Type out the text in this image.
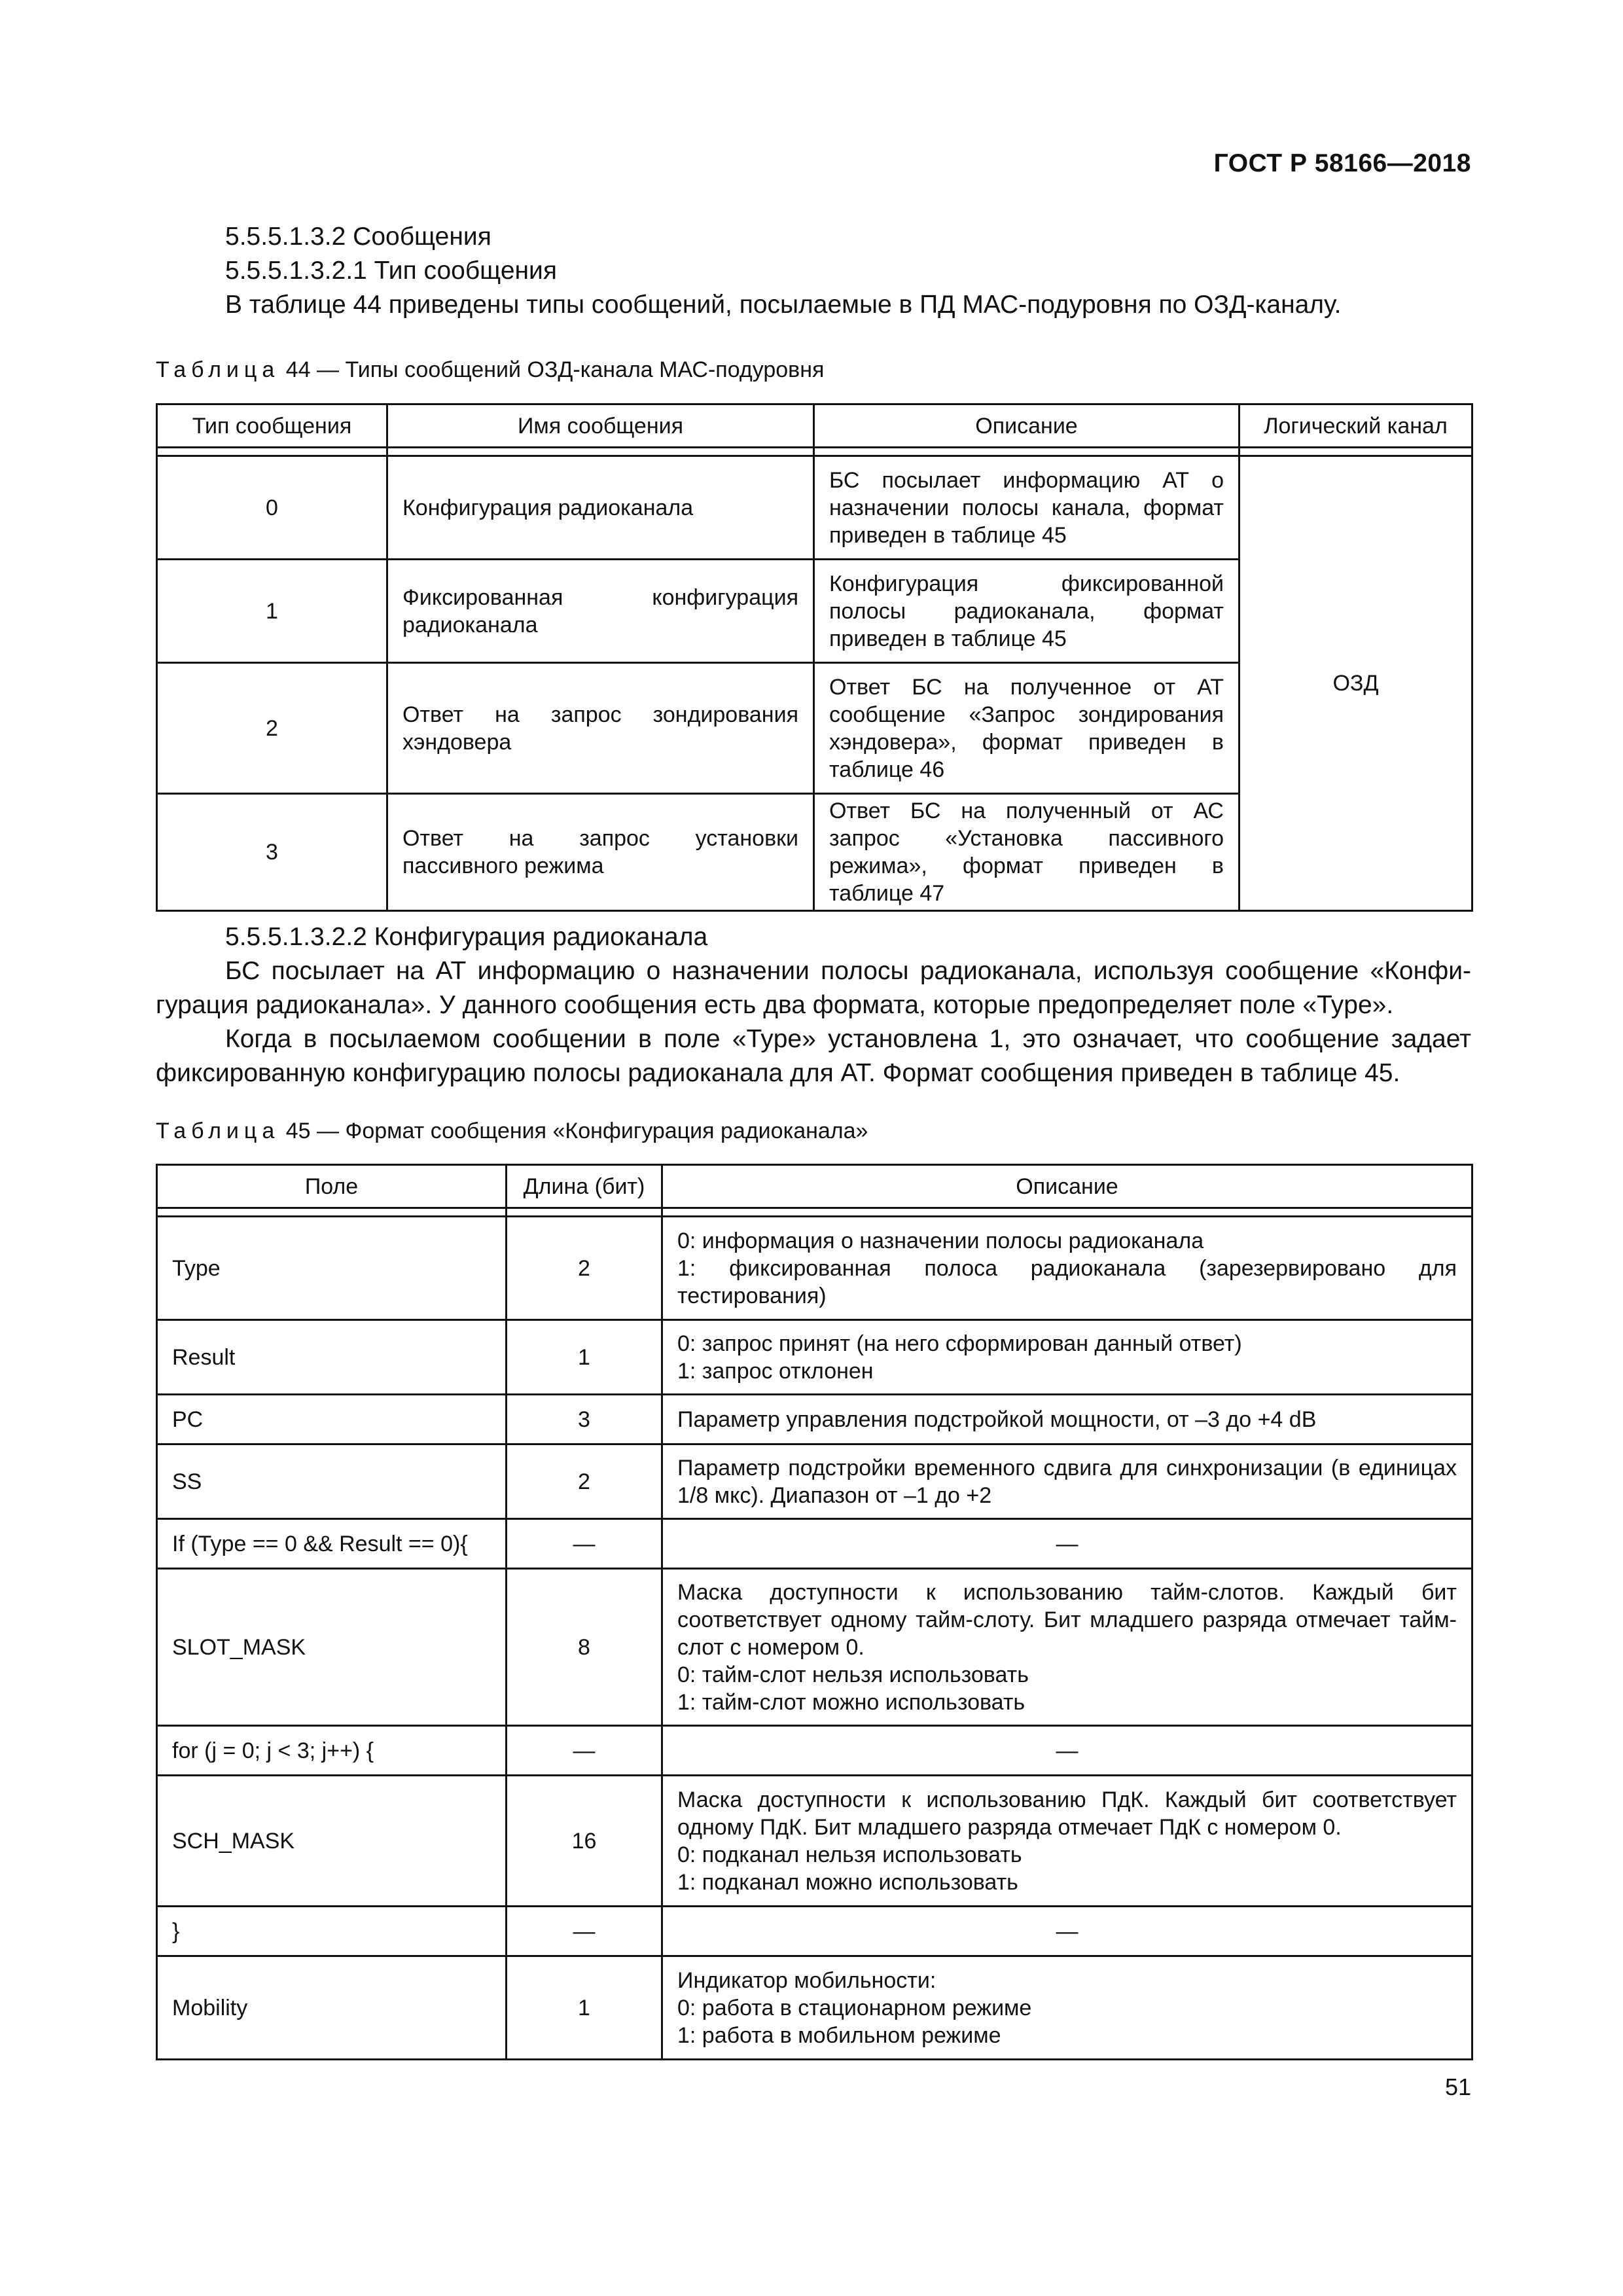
ГОСТ Р 58166—2018
5.5.5.1.3.2 Сообщения
5.5.5.1.3.2.1 Тип сообщения
В таблице 44 приведены типы сообщений, посылаемые в ПД МАС-подуровня по ОЗД-каналу.
Таблица 44 — Типы сообщений ОЗД-канала МАС-подуровня
Тип сообщения	Имя сообщения	Описание	Логический канал

0	Конфигурация радиоканала	БС посылает информацию АТ о назначении полосы канала, формат приведен в таблице 45	ОЗД
1	Фиксированная конфигурация радиоканала	Конфигурация фиксированной полосы радиоканала, формат приведен в таблице 45	
2	Ответ на запрос зондирования хэндовера	Ответ БС на полученное от АТ сообщение «Запрос зондирования хэндовера», формат приведен в таблице 46	
3	Ответ на запрос установки пассивного режима	Ответ БС на полученный от АС запрос «Установка пассивного режима», формат приведен в таблице 47	
5.5.5.1.3.2.2 Конфигурация радиоканала
БС посылает на АТ информацию о назначении полосы радиоканала, используя сообщение «Конфи-
гурация радиоканала». У данного сообщения есть два формата, которые предопределяет поле «Type».
Когда в посылаемом сообщении в поле «Type» установлена 1, это означает, что сообщение задает
фиксированную конфигурацию полосы радиоканала для АТ. Формат сообщения приведен в таблице 45.
Таблица 45 — Формат сообщения «Конфигурация радиоканала»
Поле	Длина (бит)	Описание

Type	2	0: информация о назначении полосы радиоканала
1: фиксированная полоса радиоканала (зарезервировано для тестирования)
Result	1	0: запрос принят (на него сформирован данный ответ)
1: запрос отклонен
PC	3	Параметр управления подстройкой мощности, от –3 до +4 dB
SS	2	Параметр подстройки временного сдвига для синхронизации (в единицах 1/8 мкс). Диапазон от –1 до +2
If (Type == 0 && Result == 0){	—	—
SLOT_MASK	8	Маска доступности к использованию тайм-слотов. Каждый бит соответствует одному тайм-слоту. Бит младшего разряда отмечает тайм-слот с номером 0.
0: тайм-слот нельзя использовать
1: тайм-слот можно использовать
for (j = 0; j < 3; j++) {	—	—
SCH_MASK	16	Маска доступности к использованию ПдК. Каждый бит соответствует одному ПдК. Бит младшего разряда отмечает ПдК с номером 0.
0: подканал нельзя использовать
1: подканал можно использовать
}	—	—
Mobility	1	Индикатор мобильности:
0: работа в стационарном режиме
1: работа в мобильном режиме
51
